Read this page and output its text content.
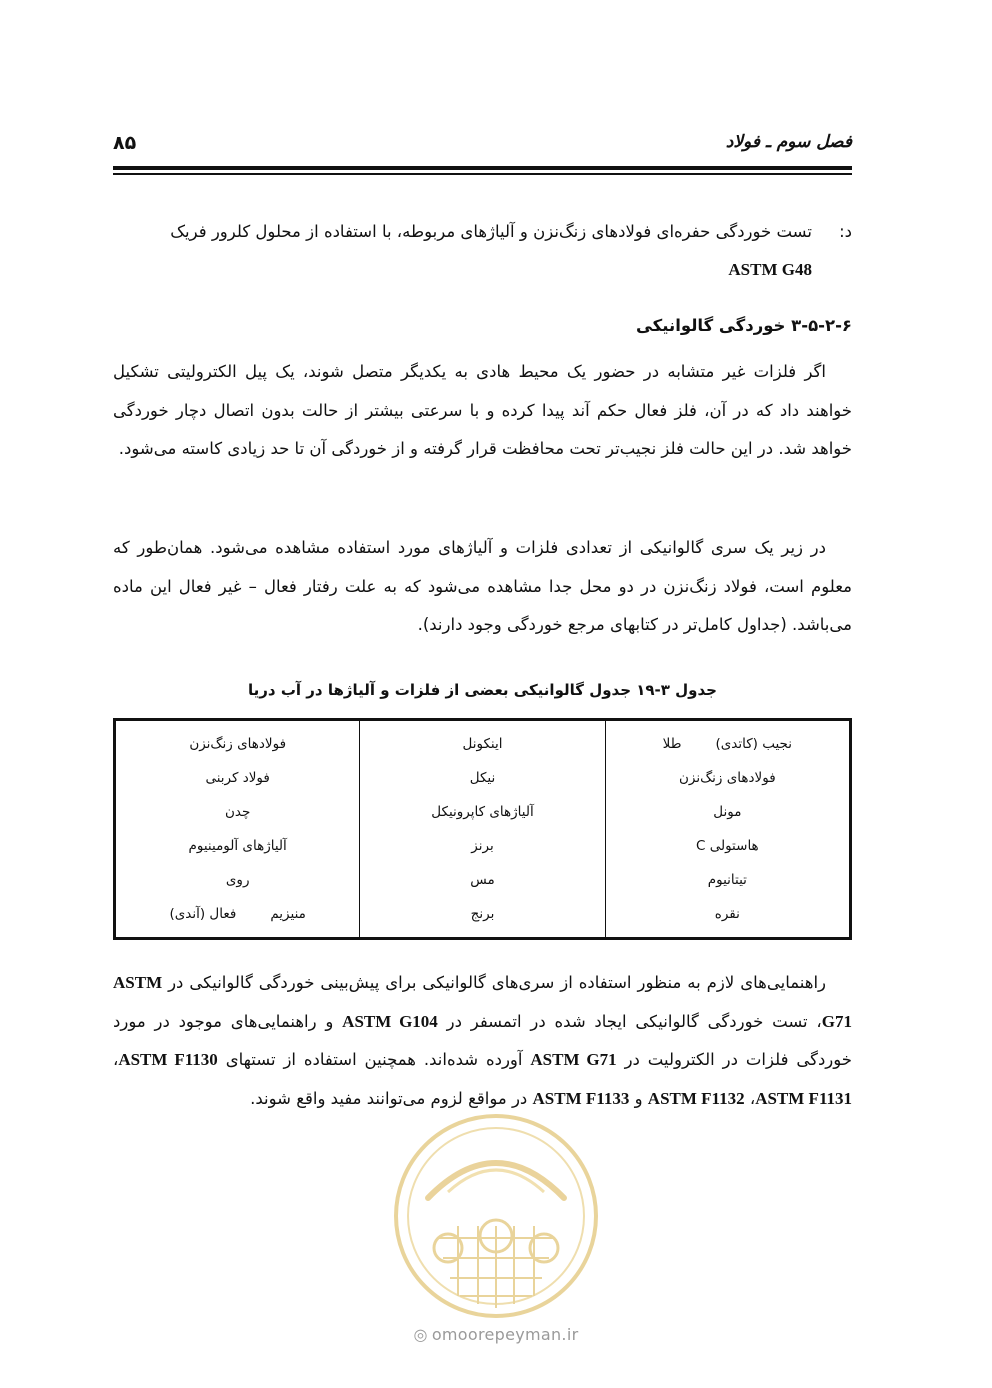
فصل سوم ـ فولاد
۸۵
د:
تست خوردگی حفره‌ای فولادهای زنگ‌نزن و آلیاژهای مربوطه، با استفاده از محلول کلرور فریک
ASTM G48
۳-۵-۲-۶ خوردگی گالوانیکی

اگر فلزات غیر متشابه در حضور یک محیط هادی به یکدیگر متصل شوند، یک پیل الکترولیتی تشکیل خواهند داد که در آن، فلز فعال حکم آند پیدا کرده و با سرعتی بیشتر از حالت بدون اتصال دچار خوردگی خواهد شد. در این حالت فلز نجیب‌تر تحت محافظت قرار گرفته و از خوردگی آن تا حد زیادی کاسته می‌شود.

در زیر یک سری گالوانیکی از تعدادی فلزات و آلیاژهای مورد استفاده مشاهده می‌شود. همان‌طور که معلوم است، فولاد زنگ‌نزن در دو محل جدا مشاهده می‌شود که به علت رفتار فعال – غیر فعال این ماده می‌باشد. (جداول کامل‌تر در کتابهای مرجع خوردگی وجود دارند).

جدول ۳-۱۹ جدول گالوانیکی بعضی از فلزات و آلیاژها در آب دریا
نجیب (کاتدی)طلا	اینکونل	فولادهای زنگ‌نزن
فولادهای زنگ‌نزن	نیکل	فولاد کربنی
مونل	آلیاژهای کاپرونیکل	چدن
هاستولی C	برنز	آلیاژهای آلومینیوم
تیتانیوم	مس	روی
نقره	برنج	منیزیمفعال (آندی)

راهنمایی‌های لازم به منظور استفاده از سری‌های گالوانیکی برای پیش‌بینی خوردگی گالوانیکی در ASTM G71، تست خوردگی گالوانیکی ایجاد شده در اتمسفر در ASTM G104 و راهنمایی‌های موجود در مورد خوردگی فلزات در الکترولیت در ASTM G71 آورده شده‌اند. همچنین استفاده از تستهای ASTM F1130، ASTM F1131، ASTM F1132 و ASTM F1133 در مواقع لزوم می‌توانند مفید واقع شوند.

◎ omoorepeyman.ir
